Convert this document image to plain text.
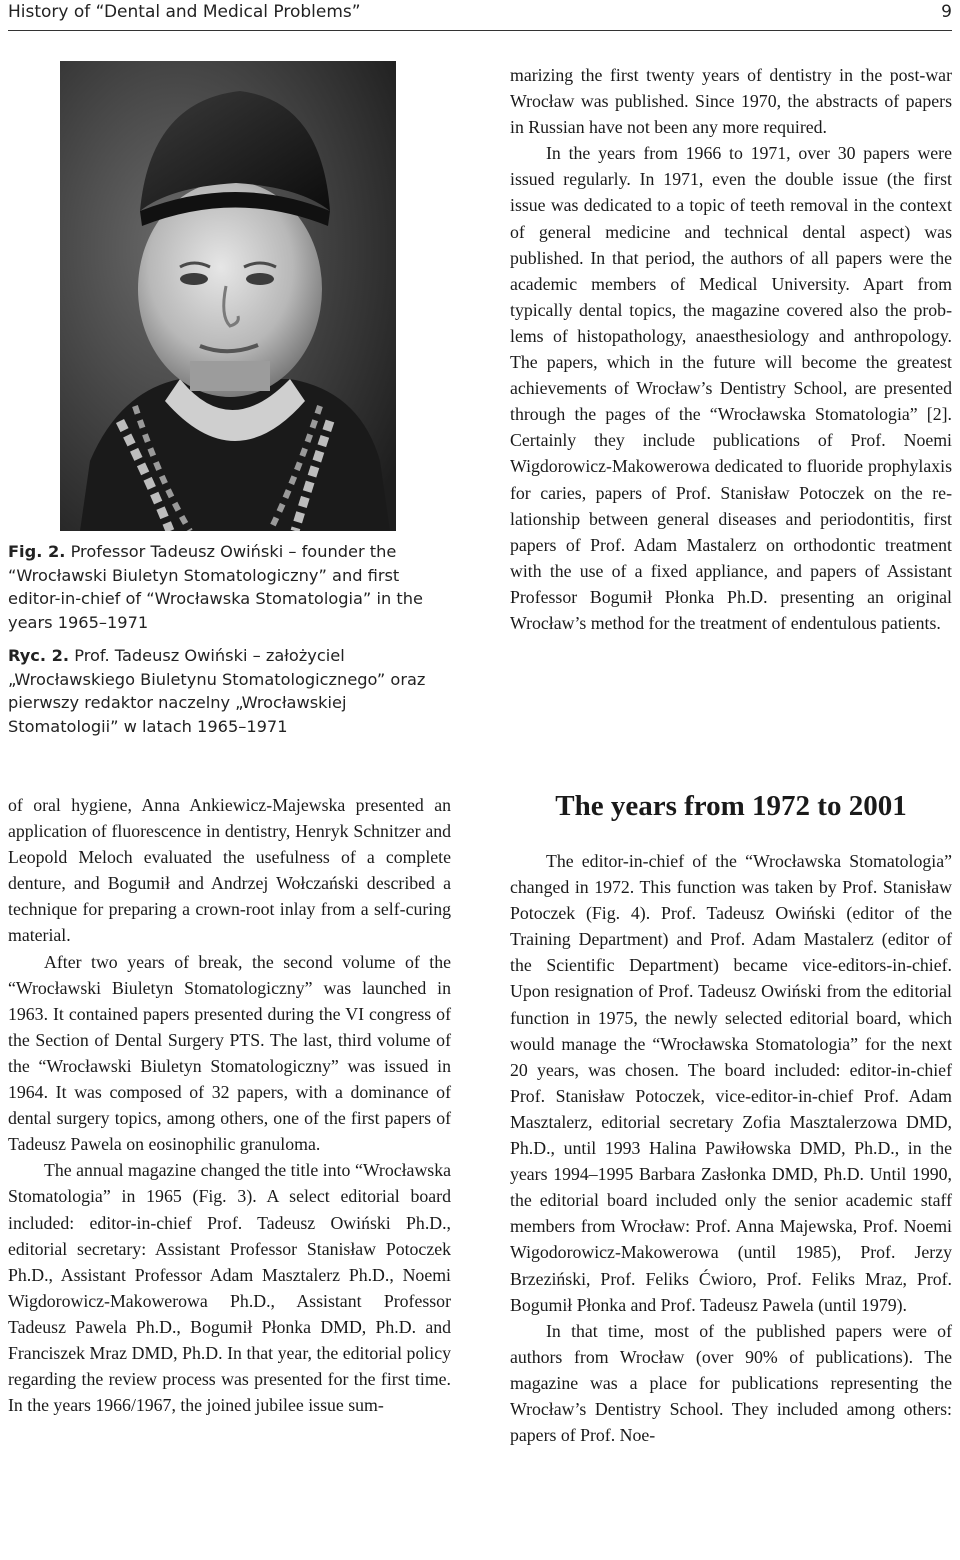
History of “Dental and Medical Problems”	9
Fig. 2. Professor Tadeusz Owiński – founder the “Wrocławski Biuletyn Stomatologiczny” and first editor-in-chief of “Wrocławska Stomatologia” in the years 1965–1971
Ryc. 2. Prof. Tadeusz Owiński – założyciel „Wrocławskiego Biuletynu Stomatologicznego” oraz pierwszy redaktor naczelny „Wrocławskiej Stomatologii” w latach 1965–1971

marizing the first twenty years of dentistry in the post-war Wrocław was published. Since 1970, the abstracts of papers in Russian have not been any more required.

In the years from 1966 to 1971, over 30 papers were issued regularly. In 1971, even the double issue (the first issue was dedicated to a topic of teeth removal in the context of general medicine and technical dental aspect) was published. In that period, the authors of all papers were the academic members of Medical University. Apart from typically dental topics, the magazine covered also the problems of histopathology, anaesthesiology and anthropology. The papers, which in the future will become the greatest achievements of Wrocław’s Dentistry School, are presented through the pages of the “Wrocławska Stomatologia” [2]. Certainly they include publications of Prof. Noemi Wigdorowicz-Makowerowa dedicated to fluoride prophylaxis for caries, papers of Prof. Stanisław Potoczek on the relationship between general diseases and periodontitis, first papers of Prof. Adam Mastalerz on orthodontic treatment with the use of a fixed appliance, and papers of Assistant Professor Bogumił Płonka Ph.D. presenting an original Wrocław’s method for the treatment of endentulous patients.

of oral hygiene, Anna Ankiewicz-Majewska presented an application of fluorescence in dentistry, Henryk Schnitzer and Leopold Meloch evaluated the usefulness of a complete denture, and Bogumił and Andrzej Wołczański described a technique for preparing a crown-root inlay from a self-curing material.

After two years of break, the second volume of the “Wrocławski Biuletyn Stomatologiczny” was launched in 1963. It contained papers presented during the VI congress of the Section of Dental Surgery PTS. The last, third volume of the “Wrocławski Biuletyn Stomatologiczny” was issued in 1964. It was composed of 32 papers, with a dominance of dental surgery topics, among others, one of the first papers of Tadeusz Pawela on eosinophilic granuloma.

The annual magazine changed the title into “Wrocławska Stomatologia” in 1965 (Fig. 3). A select editorial board included: editor-in-chief Prof. Tadeusz Owiński Ph.D., editorial secretary: Assistant Professor Stanisław Potoczek Ph.D., Assistant Professor Adam Masztalerz Ph.D., Noemi Wigdorowicz-Makowerowa Ph.D., Assistant Professor Tadeusz Pawela Ph.D., Bogumił Płonka DMD, Ph.D. and Franciszek Mraz DMD, Ph.D. In that year, the editorial policy regarding the review process was presented for the first time. In the years 1966/1967, the joined jubilee issue sum-

The years from 1972 to 2001

The editor-in-chief of the “Wrocławska Stomatologia” changed in 1972. This function was taken by Prof. Stanisław Potoczek (Fig. 4). Prof. Tadeusz Owiński (editor of the Training Department) and Prof. Adam Mastalerz (editor of the Scientific Department) became vice-editors-in-chief. Upon resignation of Prof. Tadeusz Owiński from the editorial function in 1975, the newly selected editorial board, which would manage the “Wrocławska Stomatologia” for the next 20 years, was chosen. The board included: editor-in-chief Prof. Stanisław Potoczek, vice-editor-in-chief Prof. Adam Masztalerz, editorial secretary Zofia Masztalerzowa DMD, Ph.D., until 1993 Halina Pawiłowska DMD, Ph.D., in the years 1994–1995 Barbara Zasłonka DMD, Ph.D. Until 1990, the editorial board included only the senior academic staff members from Wrocław: Prof. Anna Majewska, Prof. Noemi Wigodorowicz-Makowerowa (until 1985), Prof. Jerzy Brzeziński, Prof. Feliks Ćwioro, Prof. Feliks Mraz, Prof. Bogumił Płonka and Prof. Tadeusz Pawela (until 1979).

In that time, most of the published papers were of authors from Wrocław (over 90% of publications). The magazine was a place for publications representing the Wrocław’s Dentistry School. They included among others: papers of Prof. Noe-
